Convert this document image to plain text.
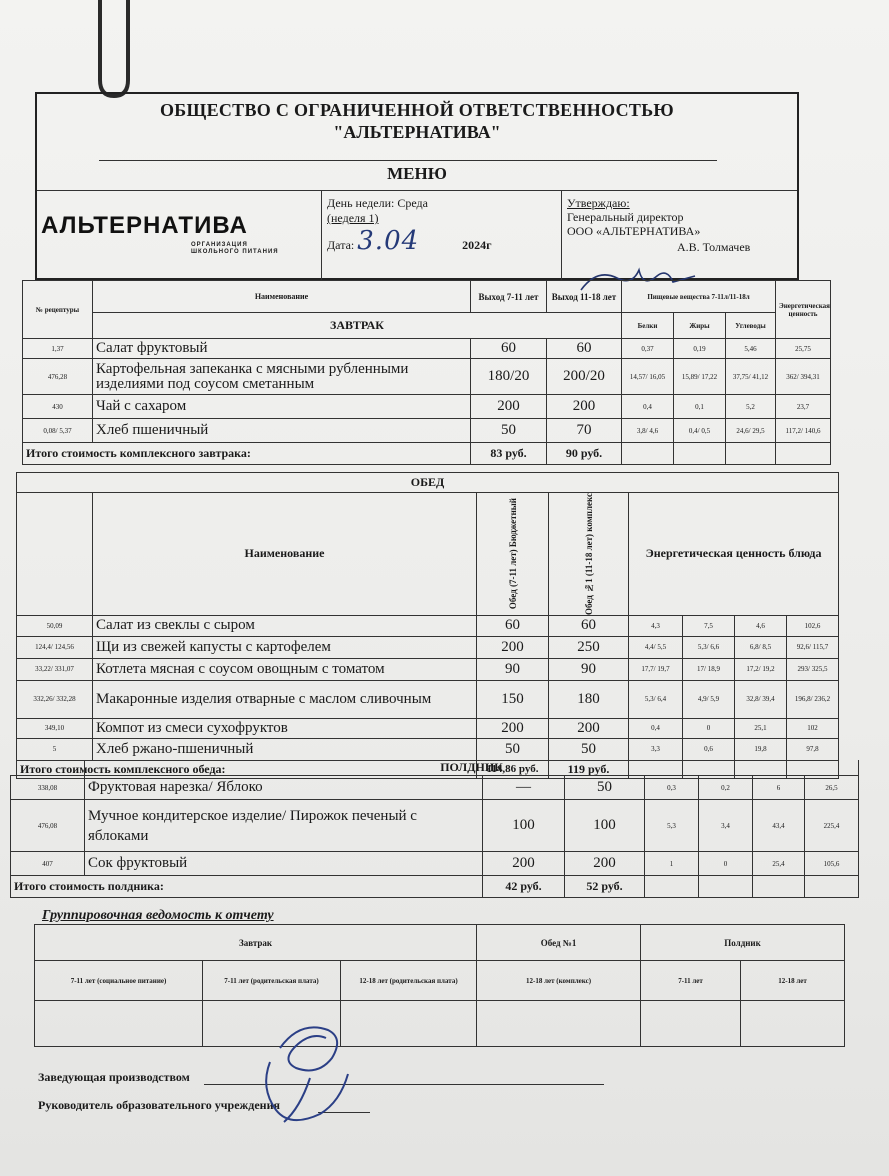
ОБЩЕСТВО С ОГРАНИЧЕННОЙ ОТВЕТСТВЕННОСТЬЮ
"АЛЬТЕРНАТИВА"
МЕНЮ
АЛЬТЕРНАТИВА
ОРГАНИЗАЦИЯ ШКОЛЬНОГО ПИТАНИЯ
День недели: Среда
(неделя 1)
Дата: 3.04	2024г
Утверждаю:
Генеральный директор
ООО «АЛЬТЕРНАТИВА»
А.В. Толмачев
№ рецептуры	Наименование	Выход 7-11 лет	Выход 11-18 лет	Пищевые вещества 7-11л/11-18л			Энергетическая ценность
	ЗАВТРАК			Белки	Жиры	Углеводы	
1,37	Салат фруктовый	60	60	0,37	0,19	5,46	25,75
476,28	Картофельная запеканка с мясными рубленными изделиями под соусом сметанным	180/20	200/20	14,57/ 16,05	15,89/ 17,22	37,75/ 41,12	362/ 394,31
430	Чай с сахаром	200	200	0,4	0,1	5,2	23,7
0,08/ 5,37	Хлеб пшеничный	50	70	3,8/ 4,6	0,4/ 0,5	24,6/ 29,5	117,2/ 140,6
Итого стоимость комплексного завтрака:		83 руб.	90 руб.				
ОБЕД							
	Наименование	Обед (7-11 лет) Бюджетный	Обед №1 (11-18 лет) комплекс	Энергетическая ценность блюда			
50,09	Салат из свеклы с сыром	60	60	4,3	7,5	4,6	102,6
124,4/ 124,56	Щи из свежей капусты с картофелем	200	250	4,4/ 5,5	5,3/ 6,6	6,8/ 8,5	92,6/ 115,7
33,22/ 331,07	Котлета мясная с соусом овощным с томатом	90	90	17,7/ 19,7	17/ 18,9	17,2/ 19,2	293/ 325,5
332,26/ 332,28	Макаронные изделия отварные с маслом сливочным	150	180	5,3/ 6,4	4,9/ 5,9	32,8/ 39,4	196,8/ 236,2
349,10	Компот из смеси сухофруктов	200	200	0,4	0	25,1	102
5	Хлеб ржано-пшеничный	50	50	3,3	0,6	19,8	97,8
Итого стоимость комплексного обеда:		114,86 руб.	119 руб.				
	ПОЛДНИК						
338,08	Фруктовая нарезка/ Яблоко	—	50	0,3	0,2	6	26,5
476,08	Мучное кондитерское изделие/ Пирожок печеный с яблоками	100	100	5,3	3,4	43,4	225,4
407	Сок фруктовый	200	200	1	0	25,4	105,6
Итого стоимость полдника:		42 руб.	52 руб.				
Группировочная ведомость к отчету
Завтрак			Обед №1	Полдник	
7-11 лет (социальное питание)	7-11 лет (родительская плата)	12-18 лет (родительская плата)	12-18 лет (комплекс)	7-11 лет	12-18 лет

Заведующая производством
Руководитель образовательного учреждения
